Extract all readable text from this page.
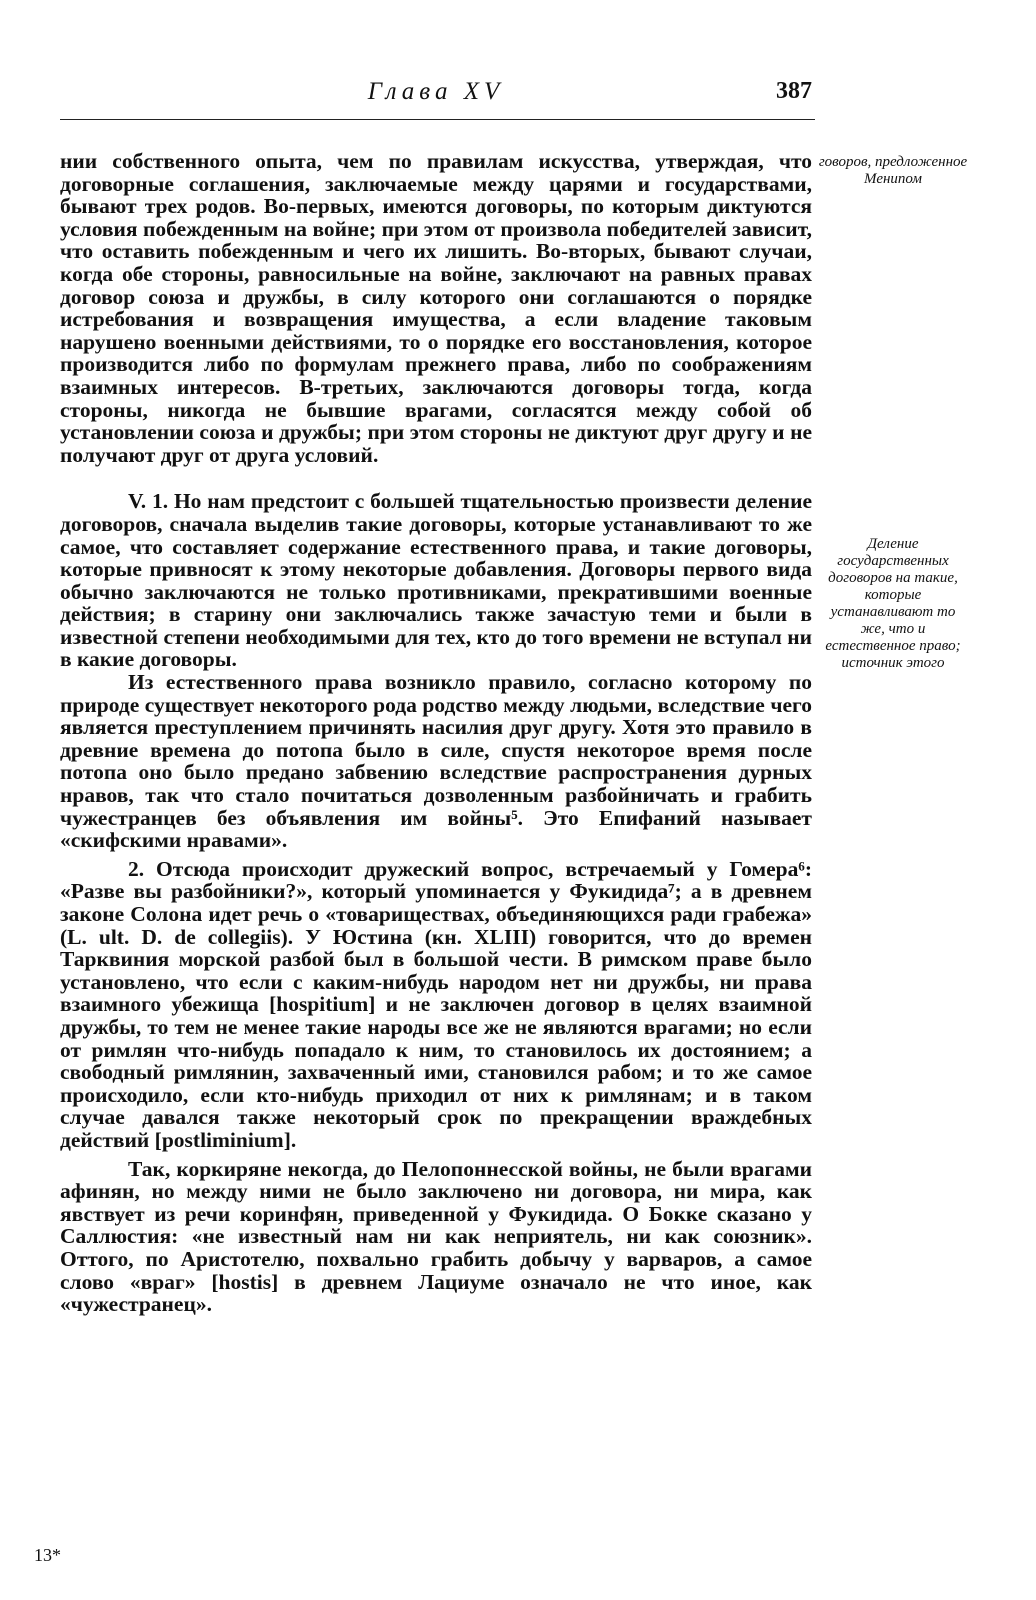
Глава XV	387

нии собственного опыта, чем по правилам искусства, утверждая, что договорные соглашения, заключаемые между царями и государствами, бывают трех родов. Во-первых, имеются договоры, по которым диктуются условия побежденным на войне; при этом от произвола победителей зависит, что оставить побежденным и чего их лишить. Во-вторых, бывают случаи, когда обе стороны, равносильные на войне, заключают на равных правах договор союза и дружбы, в силу которого они соглашаются о порядке истребования и возвращения имущества, а если владение таковым нарушено военными действиями, то о порядке его восстановления, которое производится либо по формулам прежнего права, либо по соображениям взаимных интересов. В-третьих, заключаются договоры тогда, когда стороны, никогда не бывшие врагами, согласятся между собой об установлении союза и дружбы; при этом стороны не диктуют друг другу и не получают друг от друга условий.

V. 1. Но нам предстоит с большей тщательностью произвести деление договоров, сначала выделив такие договоры, которые устанавливают то же самое, что составляет содержание естественного права, и такие договоры, которые привносят к этому некоторые добавления. Договоры первого вида обычно заключаются не только противниками, прекратившими военные действия; в старину они заключались также зачастую теми и были в известной степени необходимыми для тех, кто до того времени не вступал ни в какие договоры.

Из естественного права возникло правило, согласно которому по природе существует некоторого рода родство между людьми, вследствие чего является преступлением причинять насилия друг другу. Хотя это правило в древние времена до потопа было в силе, спустя некоторое время после потопа оно было предано забвению вследствие распространения дурных нравов, так что стало почитаться дозволенным разбойничать и грабить чужестранцев без объявления им войны⁵. Это Епифаний называет «скифскими нравами».

2. Отсюда происходит дружеский вопрос, встречаемый у Гомера⁶: «Разве вы разбойники?», который упоминается у Фукидида⁷; а в древнем законе Солона идет речь о «товариществах, объединяющихся ради грабежа» (L. ult. D. de collegiis). У Юстина (кн. XLIII) говорится, что до времен Тарквиния морской разбой был в большой чести. В римском праве было установлено, что если с каким-нибудь народом нет ни дружбы, ни права взаимного убежища [hospitium] и не заключен договор в целях взаимной дружбы, то тем не менее такие народы все же не являются врагами; но если от римлян что-нибудь попадало к ним, то становилось их достоянием; а свободный римлянин, захваченный ими, становился рабом; и то же самое происходило, если кто-нибудь приходил от них к римлянам; и в таком случае давался также некоторый срок по прекращении враждебных действий [postliminium].

Так, коркиряне некогда, до Пелопоннесской войны, не были врагами афинян, но между ними не было заключено ни договора, ни мира, как явствует из речи коринфян, приведенной у Фукидида. О Бокке сказано у Саллюстия: «не известный нам ни как неприятель, ни как союзник». Оттого, по Аристотелю, похвально грабить добычу у варваров, а самое слово «враг» [hostis] в древнем Лациуме означало не что иное, как «чужестранец».

говоров, предложенное Менипом
Деление государственных договоров на такие, которые устанавливают то же, что и естественное право; источник этого
13*
